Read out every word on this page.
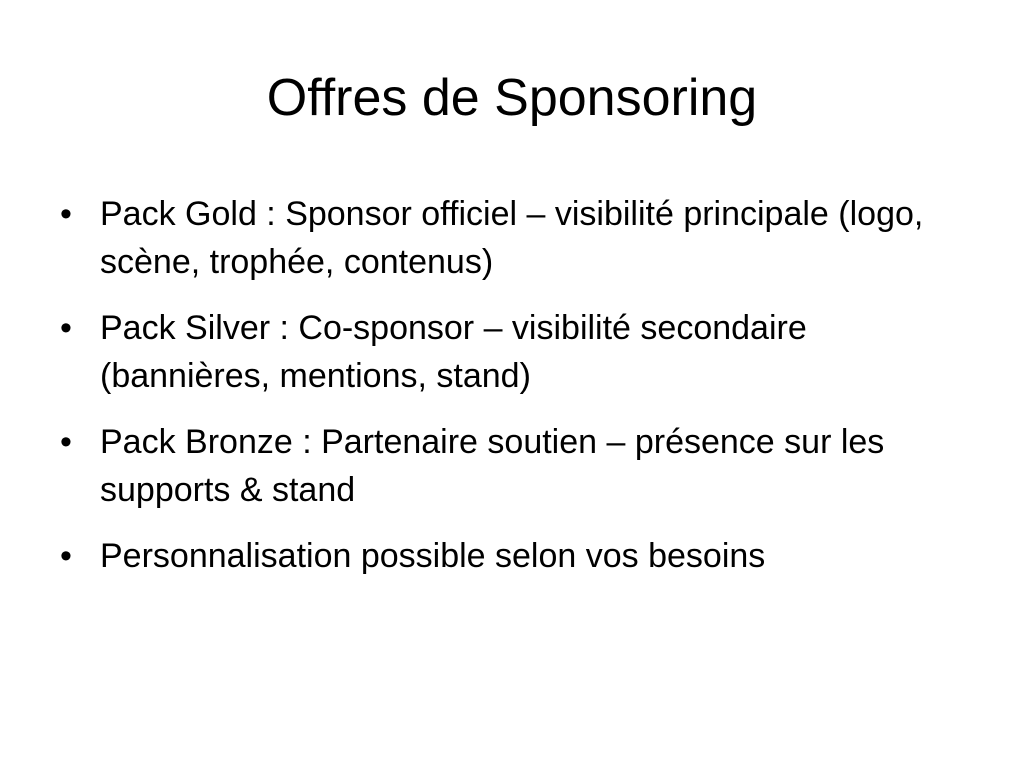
Offres de Sponsoring
• Pack Gold : Sponsor officiel – visibilité principale (logo, scène, trophée, contenus)
• Pack Silver : Co-sponsor – visibilité secondaire (bannières, mentions, stand)
• Pack Bronze : Partenaire soutien – présence sur les supports & stand
• Personnalisation possible selon vos besoins
